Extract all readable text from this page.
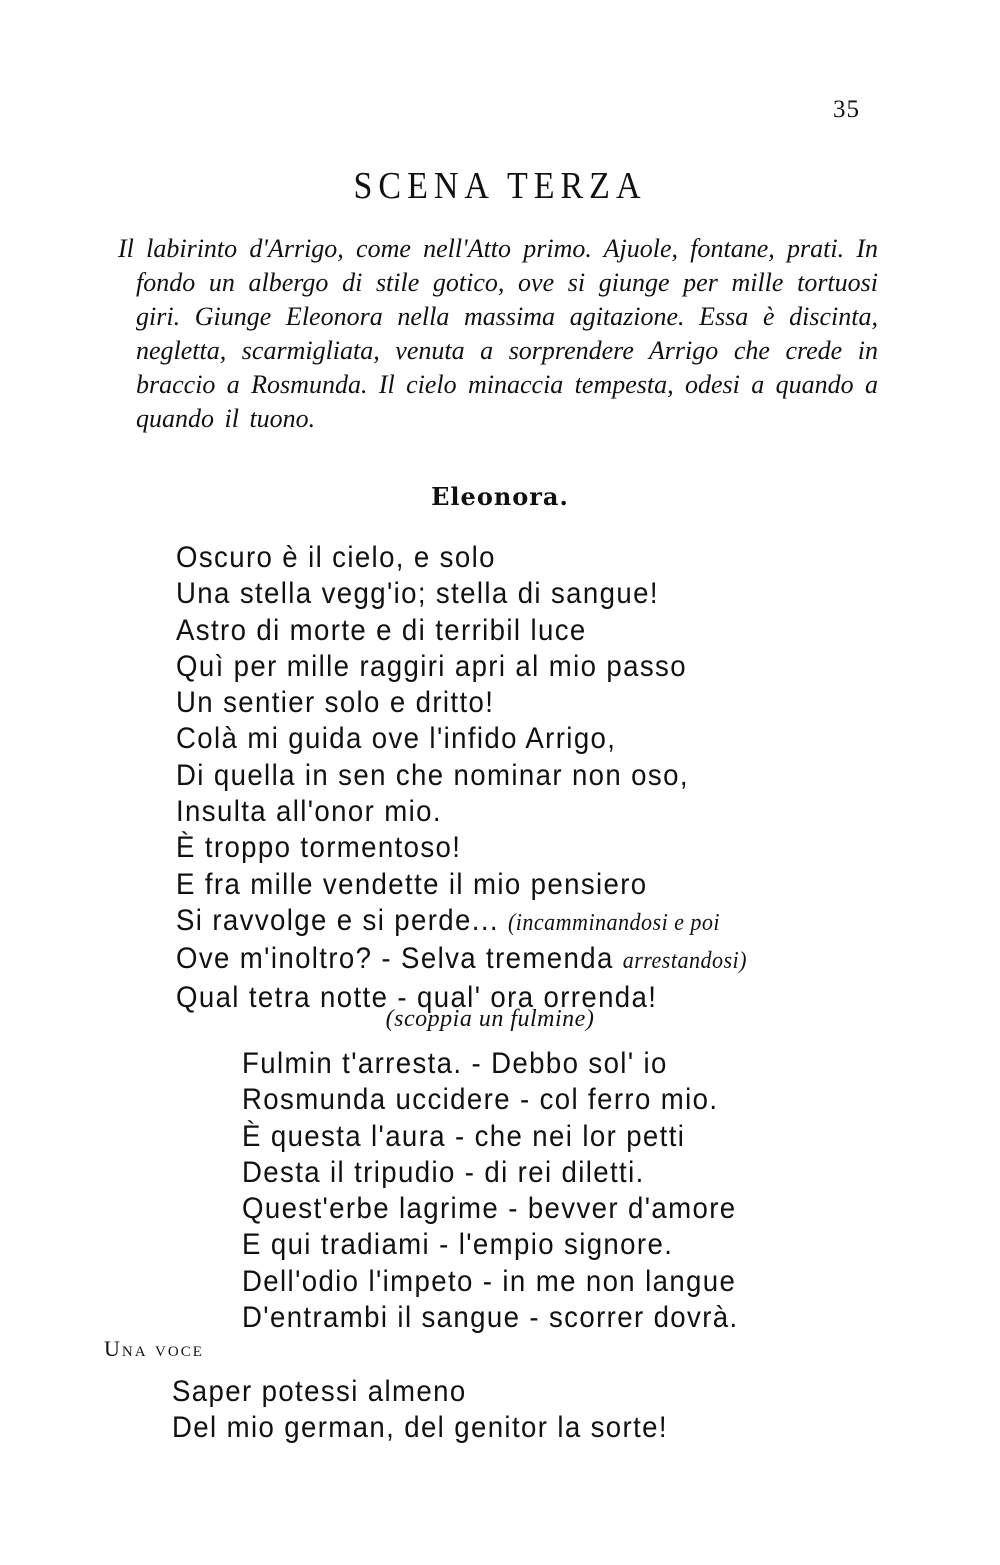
35
SCENA TERZA
Il labirinto d'Arrigo, come nell'Atto primo. Ajuole, fontane, prati. In fondo un albergo di stile gotico, ove si giunge per mille tortuosi giri. Giunge Eleonora nella massima agitazione. Essa è discinta, negletta, scarmigliata, venuta a sorprendere Arrigo che crede in braccio a Rosmunda. Il cielo minaccia tempesta, odesi a quando a quando il tuono.
Eleonora.
Oscuro è il cielo, e solo
Una stella vegg'io; stella di sangue!
Astro di morte e di terribil luce
Quì per mille raggiri apri al mio passo
Un sentier solo e dritto!
Colà mi guida ove l'infido Arrigo,
Di quella in sen che nominar non oso,
Insulta all'onor mio.
È troppo tormentoso!
E fra mille vendette il mio pensiero
Si ravvolge e si perde... (incamminandosi e poi
Ove m'inoltro? - Selva tremenda arrestandosi)
Qual tetra notte - qual' ora orrenda!
(scoppia un fulmine)
Fulmin t'arresta. - Debbo sol' io
Rosmunda uccidere - col ferro mio.
È questa l'aura - che nei lor petti
Desta il tripudio - di rei diletti.
Quest'erbe lagrime - bevver d'amore
E qui tradiami - l'empio signore.
Dell'odio l'impeto - in me non langue
D'entrambi il sangue - scorrer dovrà.
Una voce
Saper potessi almeno
Del mio german, del genitor la sorte!
